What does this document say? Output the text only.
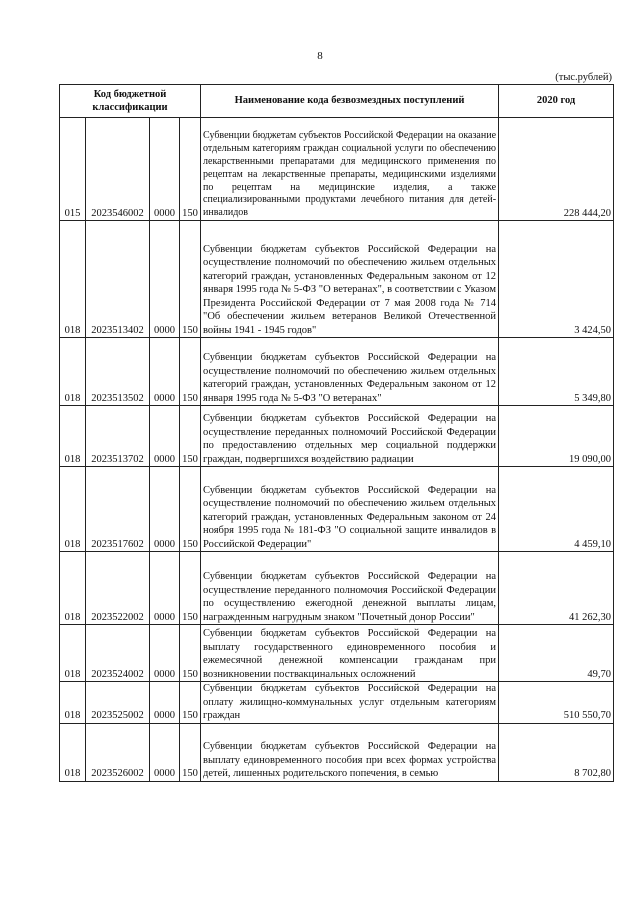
8
(тыс.рублей)
Код бюджетной классификации				Наименование кода безвозмездных поступлений	2020 год
015	2023546002	0000	150	Субвенции бюджетам субъектов Российской Федерации на оказание отдельным категориям граждан социальной услуги по обеспечению лекарственными препаратами для медицинского применения по рецептам на лекарственные препараты, медицинскими изделиями по рецептам на медицинские изделия, а также специализированными продуктами лечебного питания для детей-инвалидов	228 444,20
018	2023513402	0000	150	Субвенции бюджетам субъектов Российской Федерации на осуществление полномочий по обеспечению жильем отдельных категорий граждан, установленных Федеральным законом от 12 января 1995 года № 5-ФЗ "О ветеранах", в соответствии с Указом Президента Российской Федерации от 7 мая 2008 года № 714 "Об обеспечении жильем ветеранов Великой Отечественной войны 1941 - 1945 годов"	3 424,50
018	2023513502	0000	150	Субвенции бюджетам субъектов Российской Федерации на осуществление полномочий по обеспечению жильем отдельных категорий граждан, установленных Федеральным законом от 12 января 1995 года № 5-ФЗ "О ветеранах"	5 349,80
018	2023513702	0000	150	Субвенции бюджетам субъектов Российской Федерации на осуществление переданных полномочий Российской Федерации по предоставлению отдельных мер социальной поддержки граждан, подвергшихся воздействию радиации	19 090,00
018	2023517602	0000	150	Субвенции бюджетам субъектов Российской Федерации на осуществление полномочий по обеспечению жильем отдельных категорий граждан, установленных Федеральным законом от 24 ноября 1995 года № 181-ФЗ "О социальной защите инвалидов в Российской Федерации"	4 459,10
018	2023522002	0000	150	Субвенции бюджетам субъектов Российской Федерации на осуществление переданного полномочия Российской Федерации по осуществлению ежегодной денежной выплаты лицам, награжденным нагрудным знаком "Почетный донор России"	41 262,30
018	2023524002	0000	150	Субвенции бюджетам субъектов Российской Федерации на выплату государственного единовременного пособия и ежемесячной денежной компенсации гражданам при возникновении поствакцинальных осложнений	49,70
018	2023525002	0000	150	Субвенции бюджетам субъектов Российской Федерации на оплату жилищно-коммунальных услуг отдельным категориям граждан	510 550,70
018	2023526002	0000	150	Субвенции бюджетам субъектов Российской Федерации на выплату единовременного пособия при всех формах устройства детей, лишенных родительского попечения, в семью	8 702,80
